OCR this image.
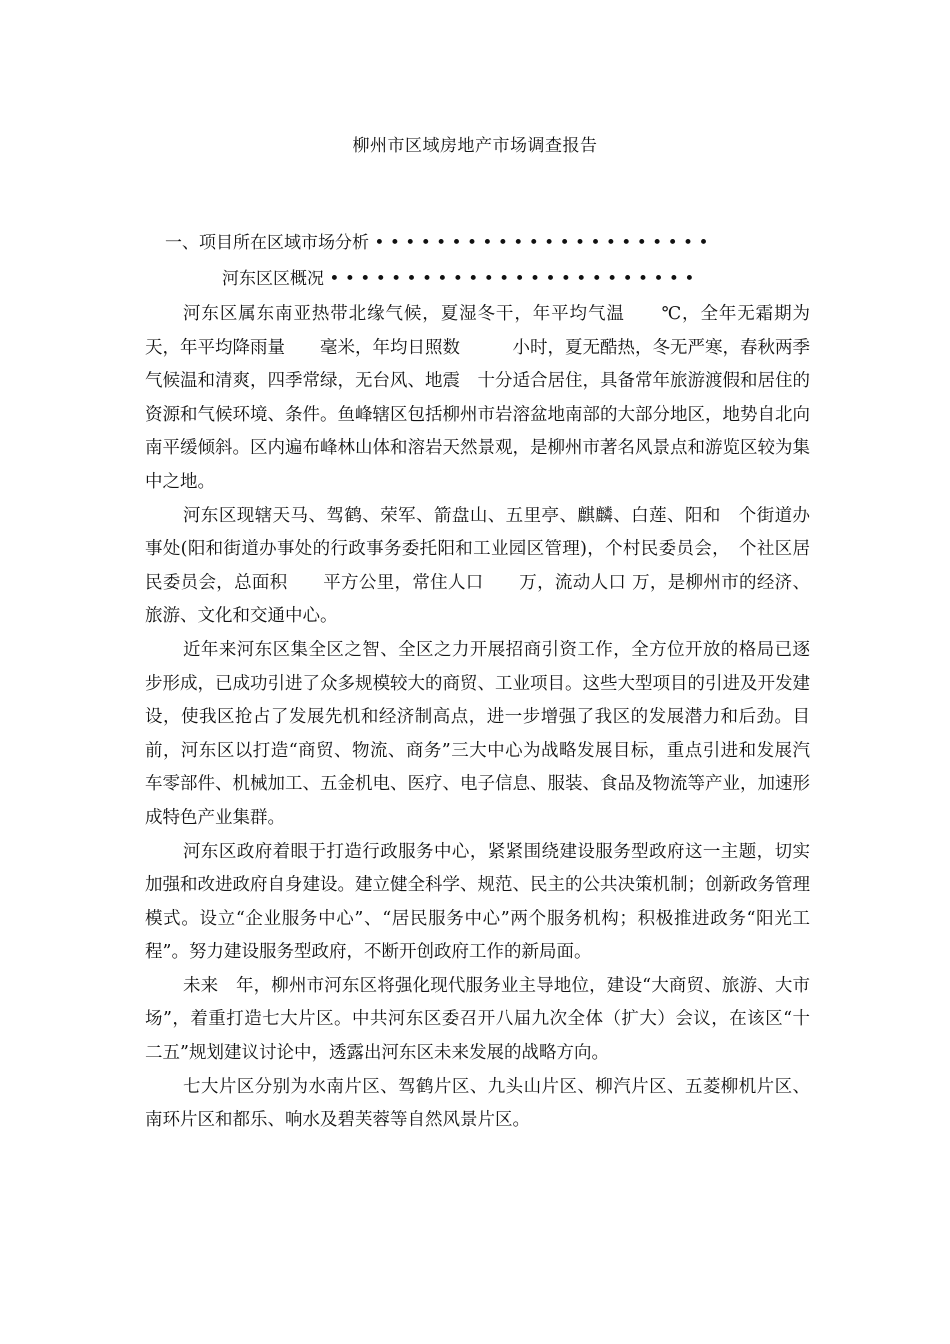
柳州市区域房地产市场调查报告
一、项目所在区域市场分析 • • • • • • • • • • • • • • • • • • • • • •
河东区区概况 • • • • • • • • • • • • • • • • • • • • • • • •

河东区属东南亚热带北缘气候，夏湿冬干，年平均气温　　℃，全年无霜期为　天，年平均降雨量　　毫米，年均日照数　　　小时，夏无酷热，冬无严寒，春秋两季气候温和清爽，四季常绿，无台风、地震　十分适合居住，具备常年旅游渡假和居住的资源和气候环境、条件。鱼峰辖区包括柳州市岩溶盆地南部的大部分地区，地势自北向南平缓倾斜。区内遍布峰林山体和溶岩天然景观，是柳州市著名风景点和游览区较为集中之地。

河东区现辖天马、驾鹤、荣军、箭盘山、五里亭、麒麟、白莲、阳和　个街道办事处(阳和街道办事处的行政事务委托阳和工业园区管理)，个村民委员会，　个社区居民委员会，总面积　　平方公里，常住人口　　万，流动人口 万，是柳州市的经济、旅游、文化和交通中心。

近年来河东区集全区之智、全区之力开展招商引资工作，全方位开放的格局已逐步形成，已成功引进了众多规模较大的商贸、工业项目。这些大型项目的引进及开发建设，使我区抢占了发展先机和经济制高点，进一步增强了我区的发展潜力和后劲。目前，河东区以打造“商贸、物流、商务”三大中心为战略发展目标，重点引进和发展汽车零部件、机械加工、五金机电、医疗、电子信息、服装、食品及物流等产业，加速形成特色产业集群。

河东区政府着眼于打造行政服务中心，紧紧围绕建设服务型政府这一主题，切实加强和改进政府自身建设。建立健全科学、规范、民主的公共决策机制；创新政务管理模式。设立“企业服务中心”、“居民服务中心”两个服务机构；积极推进政务“阳光工程”。努力建设服务型政府，不断开创政府工作的新局面。

未来　年，柳州市河东区将强化现代服务业主导地位，建设“大商贸、旅游、大市场”，着重打造七大片区。中共河东区委召开八届九次全体（扩大）会议，在该区“十二五”规划建议讨论中，透露出河东区未来发展的战略方向。

七大片区分别为水南片区、驾鹤片区、九头山片区、柳汽片区、五菱柳机片区、南环片区和都乐、响水及碧芙蓉等自然风景片区。
